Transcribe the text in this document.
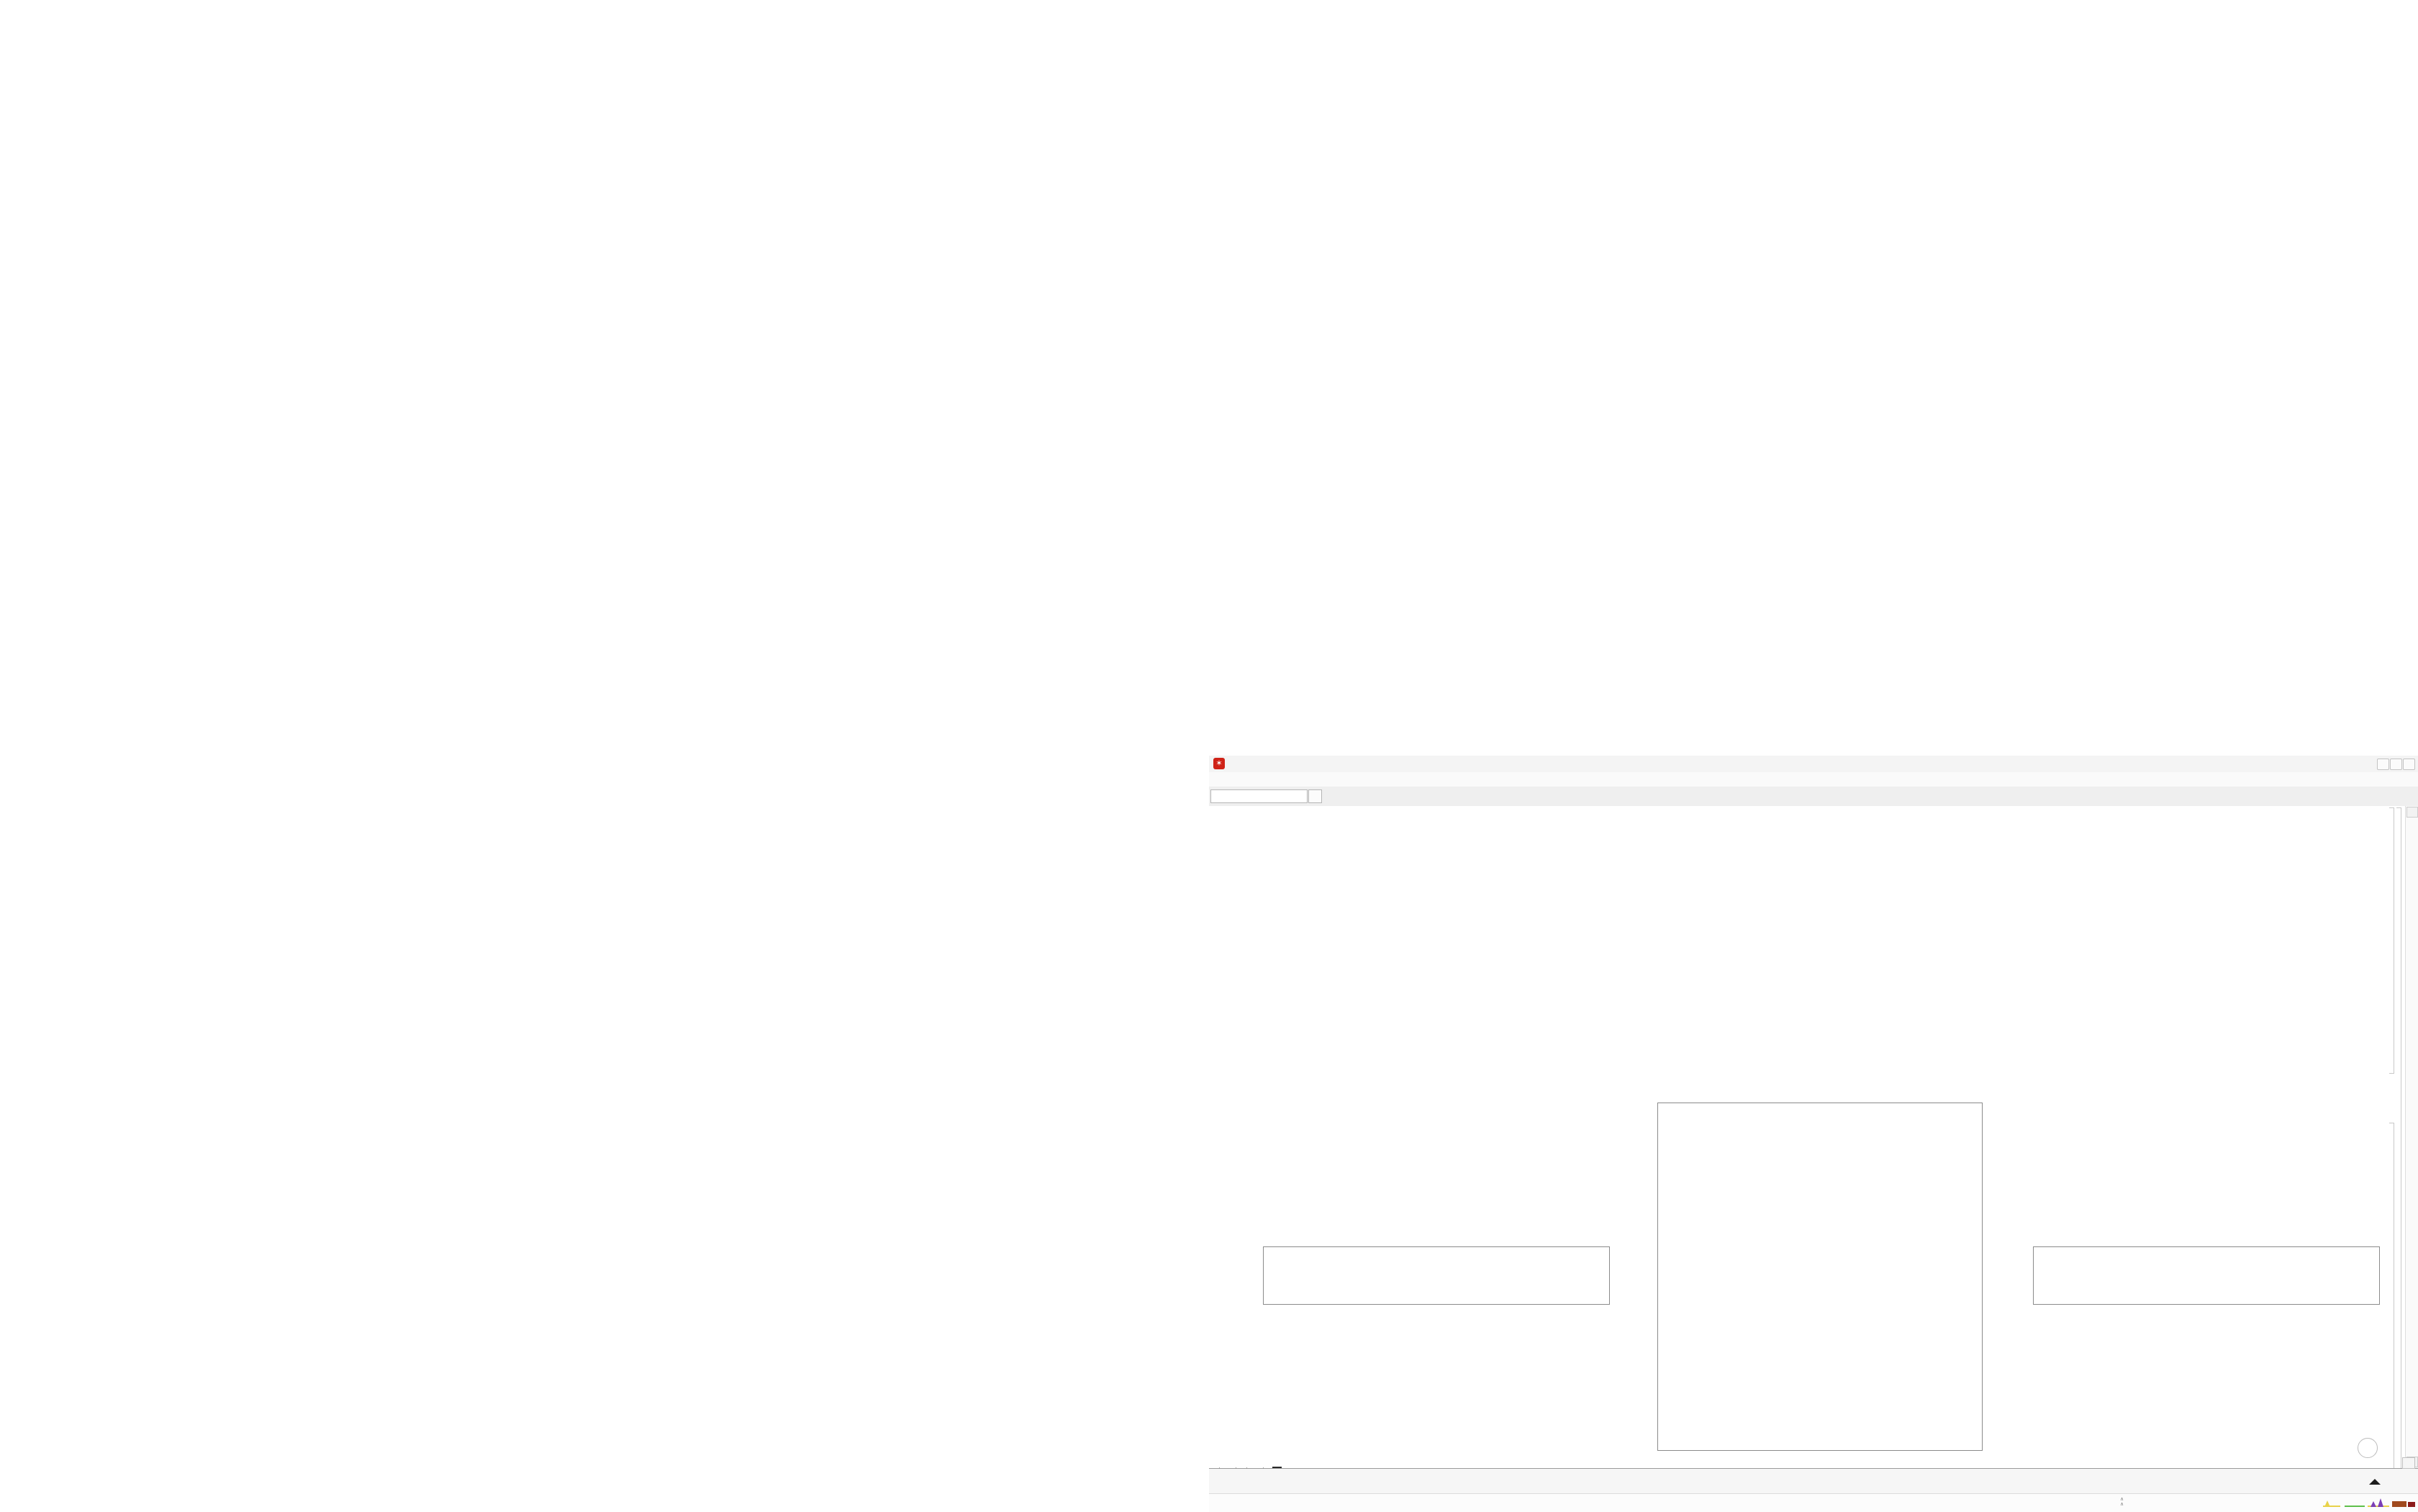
✶
∧
∧
